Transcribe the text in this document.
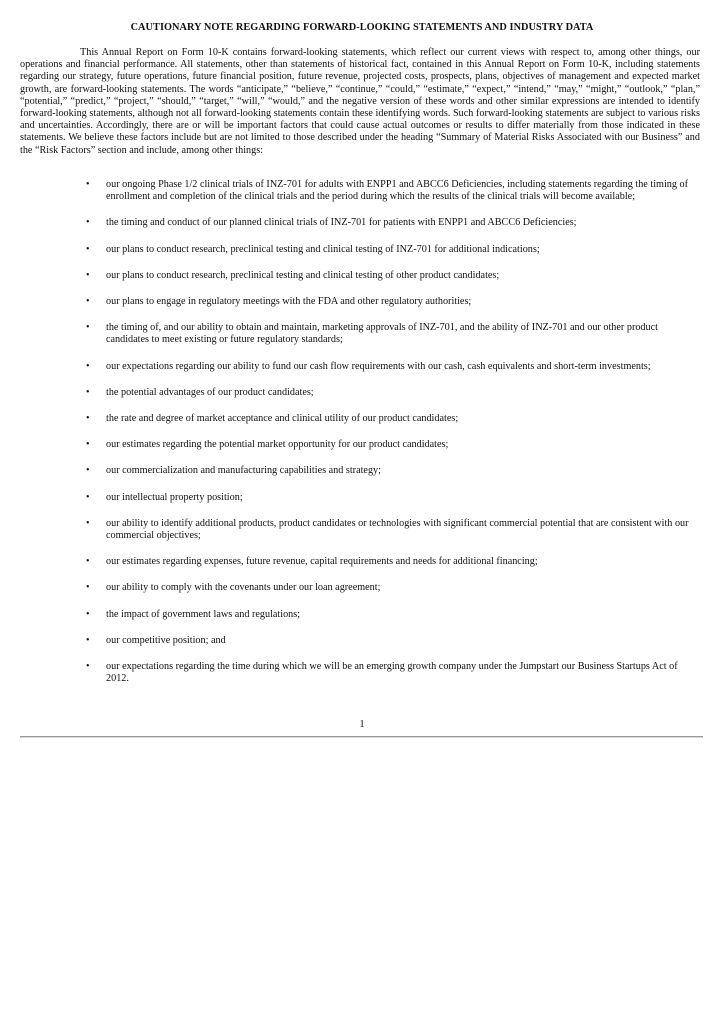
CAUTIONARY NOTE REGARDING FORWARD-LOOKING STATEMENTS AND INDUSTRY DATA

This Annual Report on Form 10-K contains forward-looking statements, which reflect our current views with respect to, among other things, our operations and financial performance. All statements, other than statements of historical fact, contained in this Annual Report on Form 10-K, including statements regarding our strategy, future operations, future financial position, future revenue, projected costs, prospects, plans, objectives of management and expected market growth, are forward-looking statements. The words “anticipate,” “believe,” “continue,” “could,” “estimate,” “expect,” “intend,” “may,” “might,” “outlook,” “plan,” “potential,” “predict,” “project,” “should,” “target,” “will,” “would,” and the negative version of these words and other similar expressions are intended to identify forward-looking statements, although not all forward-looking statements contain these identifying words. Such forward-looking statements are subject to various risks and uncertainties. Accordingly, there are or will be important factors that could cause actual outcomes or results to differ materially from those indicated in these statements. We believe these factors include but are not limited to those described under the heading “Summary of Material Risks Associated with our Business” and the “Risk Factors” section and include, among other things:

• our ongoing Phase 1/2 clinical trials of INZ-701 for adults with ENPP1 and ABCC6 Deficiencies, including statements regarding the timing of enrollment and completion of the clinical trials and the period during which the results of the clinical trials will become available;
• the timing and conduct of our planned clinical trials of INZ-701 for patients with ENPP1 and ABCC6 Deficiencies;
• our plans to conduct research, preclinical testing and clinical testing of INZ-701 for additional indications;
• our plans to conduct research, preclinical testing and clinical testing of other product candidates;
• our plans to engage in regulatory meetings with the FDA and other regulatory authorities;
• the timing of, and our ability to obtain and maintain, marketing approvals of INZ-701, and the ability of INZ-701 and our other product candidates to meet existing or future regulatory standards;
• our expectations regarding our ability to fund our cash flow requirements with our cash, cash equivalents and short-term investments;
• the potential advantages of our product candidates;
• the rate and degree of market acceptance and clinical utility of our product candidates;
• our estimates regarding the potential market opportunity for our product candidates;
• our commercialization and manufacturing capabilities and strategy;
• our intellectual property position;
• our ability to identify additional products, product candidates or technologies with significant commercial potential that are consistent with our commercial objectives;
• our estimates regarding expenses, future revenue, capital requirements and needs for additional financing;
• our ability to comply with the covenants under our loan agreement;
• the impact of government laws and regulations;
• our competitive position; and
• our expectations regarding the time during which we will be an emerging growth company under the Jumpstart our Business Startups Act of 2012.
1
